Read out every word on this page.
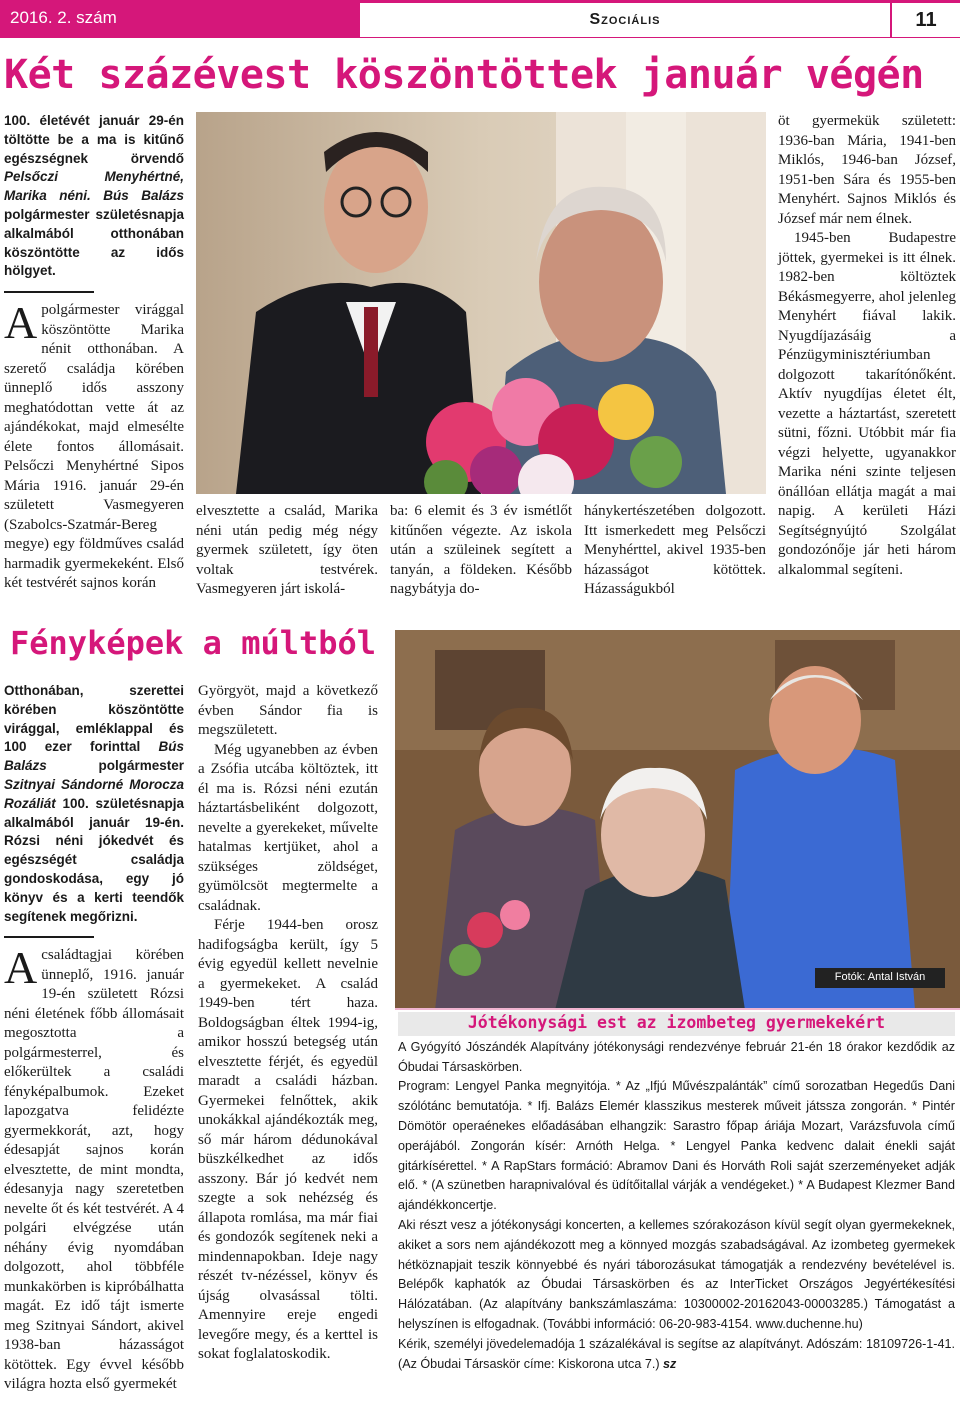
2016. 2. szám	Szociális	11
Két százévest köszöntöttek január végén
100. életévét január 29-én töltötte be a ma is kitűnő egészségnek örvendő Pelsőczi Menyhértné, Marika néni. Bús Balázs polgármester születésnapja alkalmából otthonában köszöntötte az idős hölgyet.
Apolgármester virággal köszöntötte Marika nénit otthonában. A szerető családja körében ünneplő idős asszony meghatódottan vette át az ajándékokat, majd elmesélte élete fontos állomásait. Pelsőczi Menyhértné Sipos Mária 1916. január 29-én született Vasmegyeren (Szabolcs-Szatmár-Bereg megye) egy földműves család harmadik gyermekeként. Első két testvérét sajnos korán

elvesztette a család, Marika néni után pedig még négy gyermek született, így öten voltak testvérek. Vasmegyeren járt iskolá-

ba: 6 elemit és 3 év ismétlőt kitűnően végezte. Az iskola után a szüleinek segített a tanyán, a földeken. Később nagybátyja do-

hánykertészetében dolgozott. Itt ismerkedett meg Pelsőczi Menyhérttel, akivel 1935-ben házasságot kötöttek. Házasságukból

öt gyermekük született: 1936-ban Mária, 1941-ben Miklós, 1946-ban József, 1951-ben Sára és 1955-ben Menyhért. Sajnos Miklós és József már nem élnek.

1945-ben Budapestre jöttek, gyermekei is itt élnek. 1982-ben költöztek Békásmegyerre, ahol jelenleg Menyhért fiával lakik. Nyugdíjazásáig a Pénzügyminisztériumban dolgozott takarítónőként. Aktív nyugdíjas életet élt, vezette a háztartást, szeretett sütni, főzni. Utóbbit már fia végzi helyette, ugyanakkor Marika néni szinte teljesen önállóan ellátja magát a mai napig. A kerületi Házi Segítségnyújtó Szolgálat gondozónője jár heti három alkalommal segíteni.

Fényképek a múltból
Otthonában, szerettei körében köszöntötte virággal, emléklappal és 100 ezer forinttal Bús Balázs polgármester Szitnyai Sándorné Morocza Rozáliát 100. születésnapja alkalmából január 19-én. Rózsi néni jókedvét és egészségét családja gondoskodása, egy jó könyv és a kerti teendők segítenek megőrizni.
Acsaládtagjai körében ünneplő, 1916. január 19-én született Rózsi néni életének főbb állomásait megosztotta a polgármesterrel, és előkerültek a családi fényképalbumok. Ezeket lapozgatva felidézte gyermekkorát, azt, hogy édesapját sajnos korán elvesztette, de mint mondta, édesanyja nagy szeretetben nevelte őt és két testvérét. A 4 polgári elvégzése után néhány évig nyomdában dolgozott, ahol többféle munkakörben is kipróbálhatta magát. Ez idő tájt ismerte meg Szitnyai Sándort, akivel 1938-ban házasságot kötöttek. Egy évvel később világra hozta első gyermekét

Györgyöt, majd a következő évben Sándor fia is megszületett.

Még ugyanebben az évben a Zsófia utcába költöztek, itt él ma is. Rózsi néni ezután háztartásbeliként dolgozott, nevelte a gyerekeket, művelte hatalmas kertjüket, ahol a szükséges zöldséget, gyümölcsöt megtermelte a családnak.

Férje 1944-ben orosz hadifogságba került, így 5 évig egyedül kellett nevelnie a gyermekeket. A család 1949-ben tért haza. Boldogságban éltek 1994-ig, amikor hosszú betegség után elvesztette férjét, és egyedül maradt a családi házban. Gyermekei felnőttek, akik unokákkal ajándékozták meg, ső már három dédunokával büszkélkedhet az idős asszony. Bár jó kedvét nem szegte a sok nehézség és állapota romlása, ma már fiai és gondozók segítenek neki a mindennapokban. Ideje nagy részét tv-nézéssel, könyv és újság olvasással tölti. Amennyire ereje engedi levegőre megy, és a kerttel is sokat foglalatoskodik.

Fotók: Antal István
Jótékonysági est az izombeteg gyermekekért

A Gyógyító Jószándék Alapítvány jótékonysági rendezvénye február 21-én 18 órakor kezdődik az Óbudai Társaskörben.

Program: Lengyel Panka megnyitója. * Az „Ifjú Művészpalánták” című sorozatban Hegedűs Dani szólótánc bemutatója. * Ifj. Balázs Elemér klasszikus mesterek műveit játssza zongorán. * Pintér Dömötör operaénekes előadásában elhangzik: Sarastro főpap áriája Mozart, Varázsfuvola című operájából. Zongorán kísér: Arnóth Helga. * Lengyel Panka kedvenc dalait énekli saját gitárkísérettel. * A RapStars formáció: Abramov Dani és Horváth Roli saját szerzeményeket adják elő. * (A szünetben harapnivalóval és üdítőitallal várják a vendégeket.) * A Budapest Klezmer Band ajándékkoncertje.

Aki részt vesz a jótékonysági koncerten, a kellemes szórakozáson kívül segít olyan gyermekeknek, akiket a sors nem ajándékozott meg a könnyed mozgás szabadságával. Az izombeteg gyermekek hétköznapjait teszik könnyebbé és nyári táborozásukat támogatják a rendezvény bevételével is. Belépők kaphatók az Óbudai Társaskörben és az InterTicket Országos Jegyértékesítési Hálózatában. (Az alapítvány bankszámlaszáma: 10300002-20162043-00003285.) Támogatást a helyszínen is elfogadnak. (További információ: 06-20-983-4154. www.duchenne.hu)

Kérik, személyi jövedelemadója 1 százalékával is segítse az alapítványt. Adószám: 18109726-1-41. (Az Óbudai Társaskör címe: Kiskorona utca 7.) sz
